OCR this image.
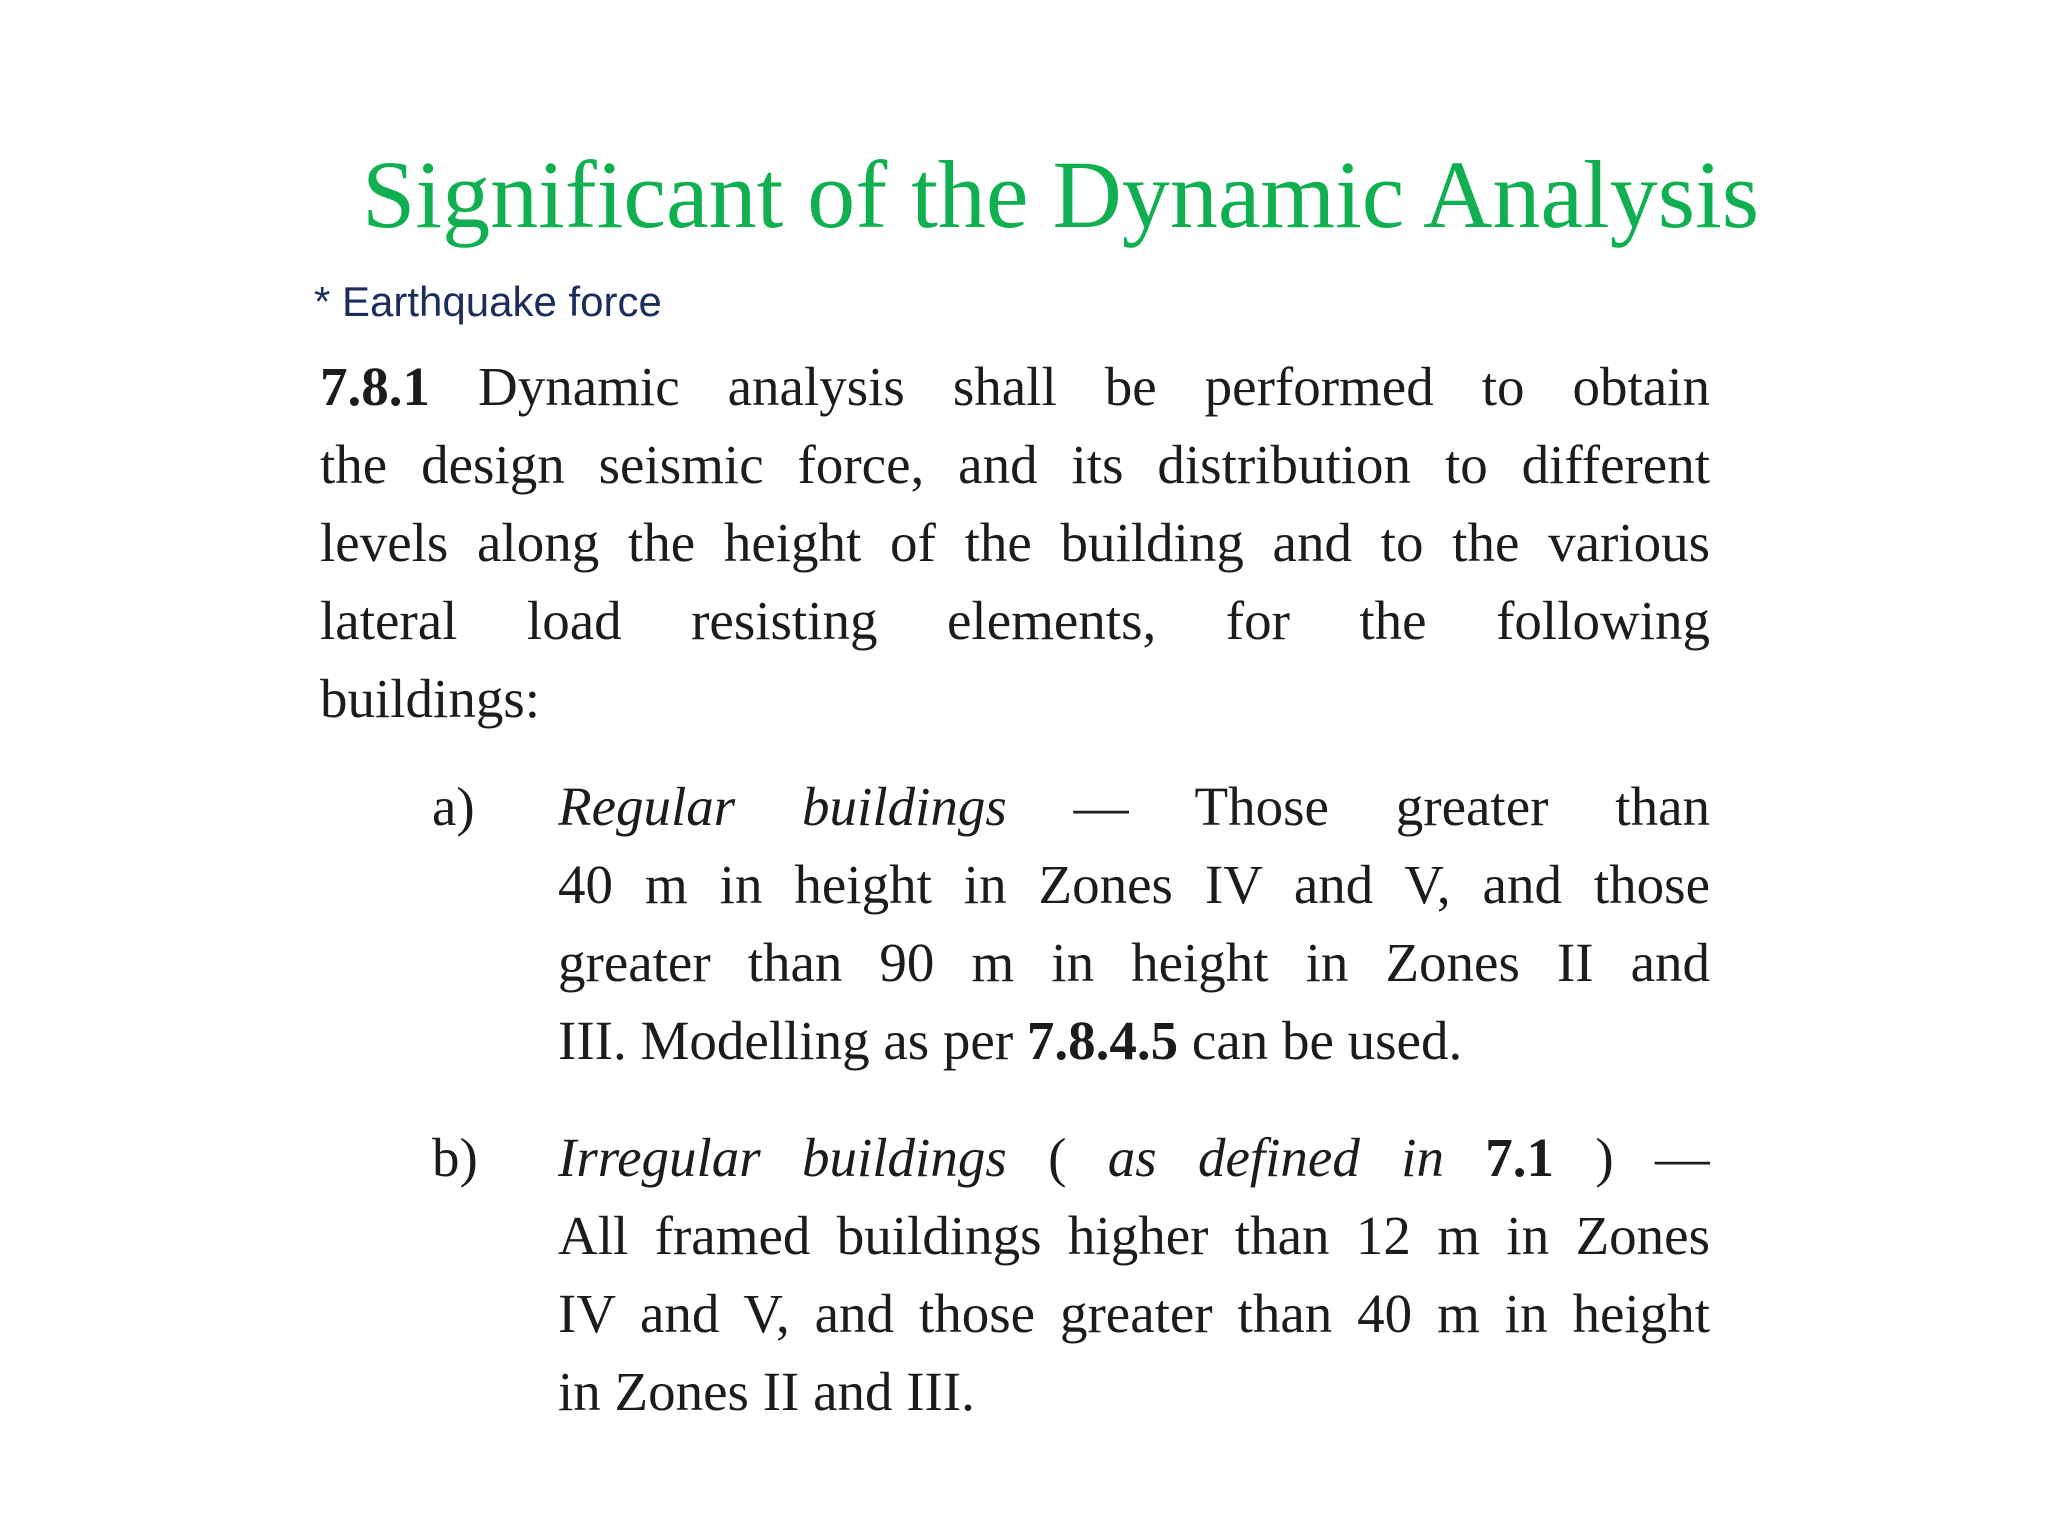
Significant of the Dynamic Analysis

* Earthquake force

7.8.1 Dynamic analysis shall be performed to obtain
the design seismic force, and its distribution to different
levels along the height of the building and to the various
lateral load resisting elements, for the following
buildings:
a)	Regular buildings — Those greater than
40 m in height in Zones IV and V, and those
greater than 90 m in height in Zones II and
III. Modelling as per 7.8.4.5 can be used.
b)	Irregular buildings ( as defined in 7.1 ) —
All framed buildings higher than 12 m in Zones
IV and V, and those greater than 40 m in height
in Zones II and III.
